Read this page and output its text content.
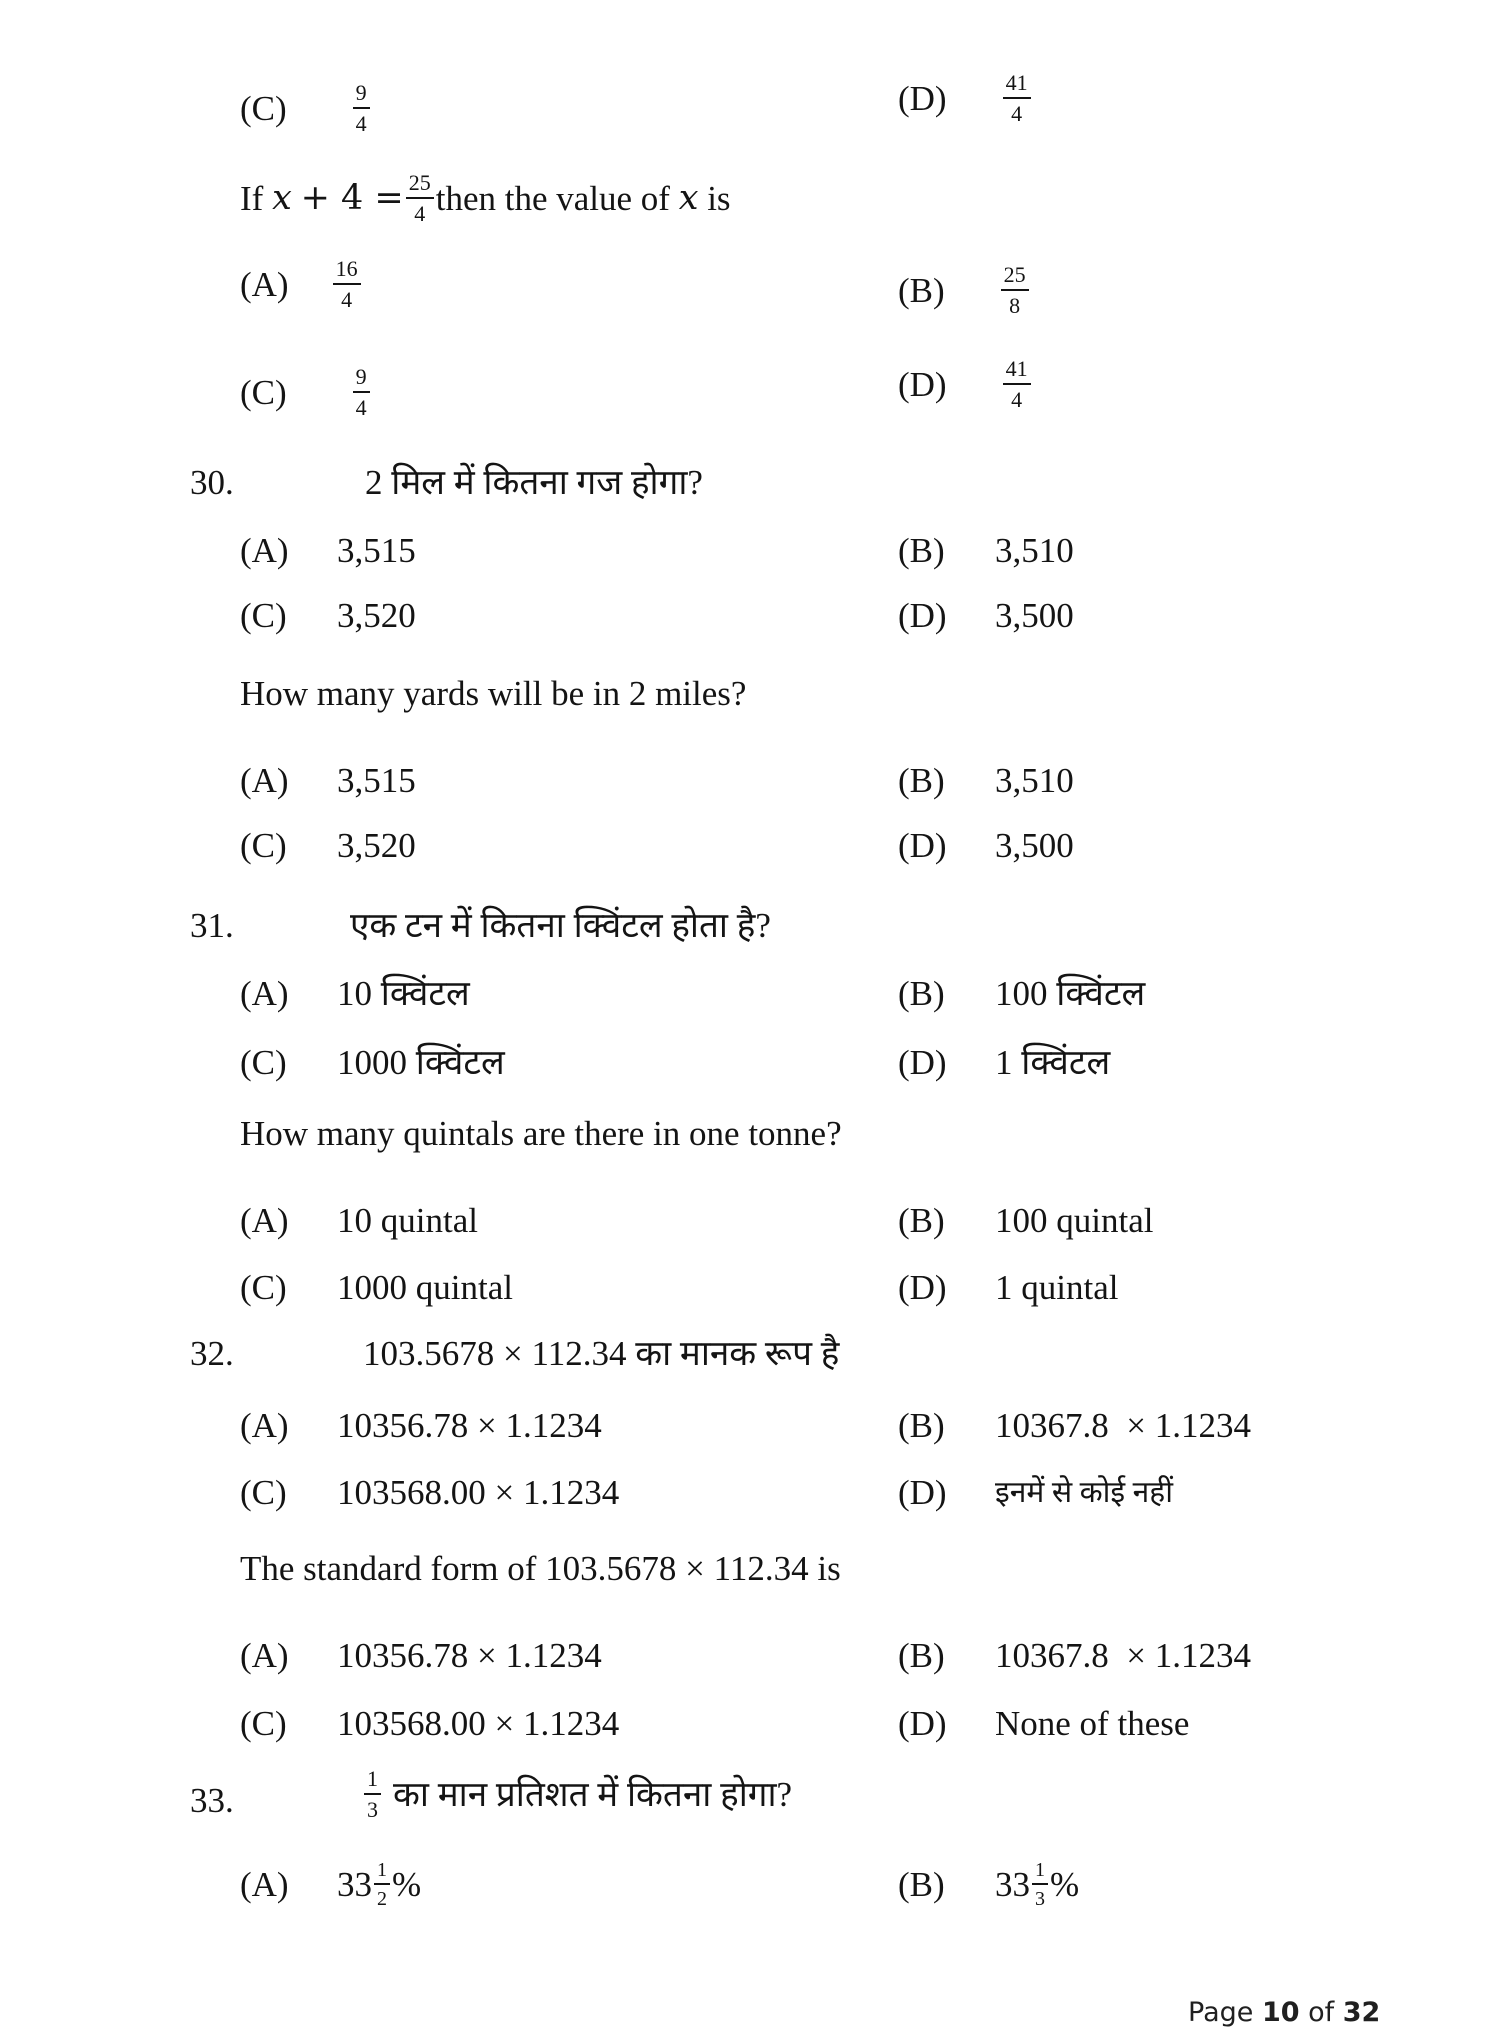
(C)	$\frac{9}{4}$	(D)	$\frac{41}{4}$
If
x
+ $4 = \frac{25}{4}$ then the value of
x
is
$(A) \frac{16}{4}$	(B)	$\frac{25}{8}$
(C)	$\frac{9}{4}$	(D)	$\frac{41}{4}$
30.	2 मिल में कितना गज होगा?
(A)	3,515	(B)	3,510
(C)	3,520	(D)	3,500
How many yards will be in 2 miles?
(A)	3,515	(B)	3,510
(C)	3,520	(D)	3,500
31.	एक टन में कितना क्विंटल होता है?
(A)	10 क्विंटल	(B)	100 क्विंटल
(C)	1000 क्विंटल	(D)	1 क्विंटल
How many quintals are there in one tonne?
(A)	10 quintal	(B)	100 quintal
(C)	1000 quintal	(D)	1 quintal
32.	103.5678 × 112.34 का मानक रूप है
(A)	10356.78 × 1.1234	(B)	10367.8  × 1.1234
(C)	103568.00 × 1.1234	(D)	इनमें से कोई नहीं
The standard form of 103.5678 × 112.34 is
(A)	10356.78 × 1.1234	(B)	10367.8  × 1.1234
(C)	103568.00 × 1.1234	(D)	None of these
33.	$\frac{1}{3}$ का मान प्रतिशत में कितना होगा?
(A)	$33 \frac{1}{2}$ %	(B)	$33 \frac{1}{3}$ %
Page 10 of 32
